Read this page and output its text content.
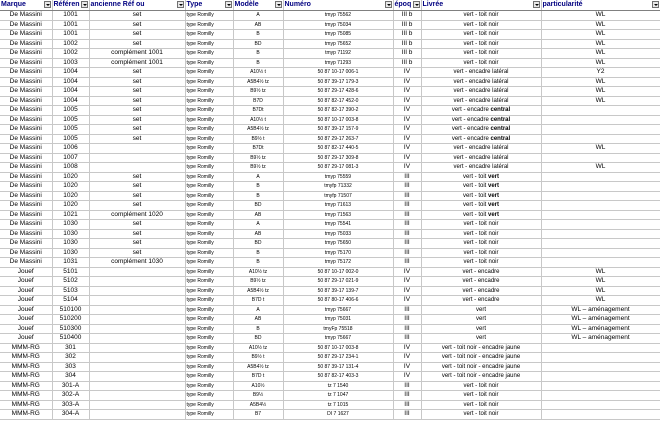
Marque	Référen	ancienne Réf ou	Type	Modèle	Numéro	époq	Livrée	particularité

De Massini	1001	set	type Romilly	A	tmyp 75562	III b	vert - toit noir	WL
De Massini	1001	set	type Romilly	AB	tmyp 75034	III b	vert - toit noir	WL
De Massini	1001	set	type Romilly	B	tmyp 75085	III b	vert - toit noir	WL
De Massini	1002	set	type Romilly	BD	tmyp 75652	III b	vert - toit noir	WL
De Massini	1002	complément 1001	type Romilly	B	tmyp 71192	III b	vert - toit noir	WL
De Massini	1003	complément 1001	type Romilly	B	tmyp 71293	III b	vert - toit noir	WL
De Massini	1004	set	type Romilly	A10½ t	50 87 10-17 006-1	IV	vert - encadre latéral	Y2
De Massini	1004	set	type Romilly	A5B4½ tz	50 87 39-17 179-3	IV	vert - encadre latéral	WL
De Massini	1004	set	type Romilly	B9½ tz	50 87 29-17 428-6	IV	vert - encadre latéral	WL
De Massini	1004	set	type Romilly	B7D	50 87 82-17 452-0	IV	vert - encadre latéral	WL
De Massini	1005	set	type Romilly	B7Dt	50 87 82-17 390-2	IV	vert - encadre central	
De Massini	1005	set	type Romilly	A10½ t	50 87 10-17 003-8	IV	vert - encadre central	
De Massini	1005	set	type Romilly	A5B4½ tz	50 87 39-17 157-9	IV	vert - encadre central	
De Massini	1005	set	type Romilly	B9½ t	50 87 29-17 263-7	IV	vert - encadre central	
De Massini	1006		type Romilly	B7Dt	50 87 82-17 440-5	IV	vert - encadre latéral	WL
De Massini	1007		type Romilly	B9½ tz	50 87 29-17 309-8	IV	vert - encadre latéral	
De Massini	1008		type Romilly	B9½ tz	50 87 29-17 081-3	IV	vert - encadre latéral	WL
De Massini	1020	set	type Romilly	A	tmyp 75559	III	vert - toit vert	
De Massini	1020	set	type Romilly	B	tmyfp 71332	III	vert - toit vert	
De Massini	1020	set	type Romilly	B	tmyfp 71507	III	vert - toit vert	
De Massini	1020	set	type Romilly	BD	tmyp 71613	III	vert - toit vert	
De Massini	1021	complément 1020	type Romilly	AB	tmyp 71563	III	vert - toit vert	
De Massini	1030	set	type Romilly	A	tmyp 75541	III	vert - toit noir	
De Massini	1030	set	type Romilly	AB	tmyp 75033	III	vert - toit noir	
De Massini	1030	set	type Romilly	BD	tmyp 75650	III	vert - toit noir	
De Massini	1030	set	type Romilly	B	tmyp 75170	III	vert - toit noir	
De Massini	1031	complément 1030	type Romilly	B	tmyp 75172	III	vert - toit noir	
Jouef	5101		type Romilly	A10½ tz	50 87 10-17 002-0	IV	vert - encadre	WL
Jouef	5102		type Romilly	B9½ tz	50 87 29-17 021-9	IV	vert - encadre	WL
Jouef	5103		type Romilly	A5B4½ tz	50 87 39-17 139-7	IV	vert - encadre	WL
Jouef	5104		type Romilly	B7D t	50 87 80-17 406-6	IV	vert - encadre	WL
Jouef	510100		type Romilly	A	tmyp 75667	III	vert	WL – aménagement
Jouef	510200		type Romilly	AB	tmyp 75031	III	vert	WL – aménagement
Jouef	510300		type Romilly	B	tmyFp 75518	III	vert	WL – aménagement
Jouef	510400		type Romilly	BD	tmyp 75667	III	vert	WL – aménagement
MMM-RG	301		type Romilly	A10½ tz	50 87 10-17 003-8	IV	vert - toit noir - encadre jaune	
MMM-RG	302		type Romilly	B9½ t	50 87 29-17 234-1	IV	vert - toit noir - encadre jaune	
MMM-RG	303		type Romilly	A5B4½ tz	50 87 39-17 131-4	IV	vert - toit noir - encadre jaune	
MMM-RG	304		type Romilly	B7D t	50 87 82-17 403-3	IV	vert - toit noir - encadre jaune	
MMM-RG	301-A		type Romilly	A10½	tz 7 1540	III	vert - toit noir	
MMM-RG	302-A		type Romilly	B9½	tz 7 1047	III	vert - toit noir	
MMM-RG	303-A		type Romilly	A5B4½	tz 7 1015	III	vert - toit noir	
MMM-RG	304-A		type Romilly	B7	DI 7 1627	III	vert - toit noir	
